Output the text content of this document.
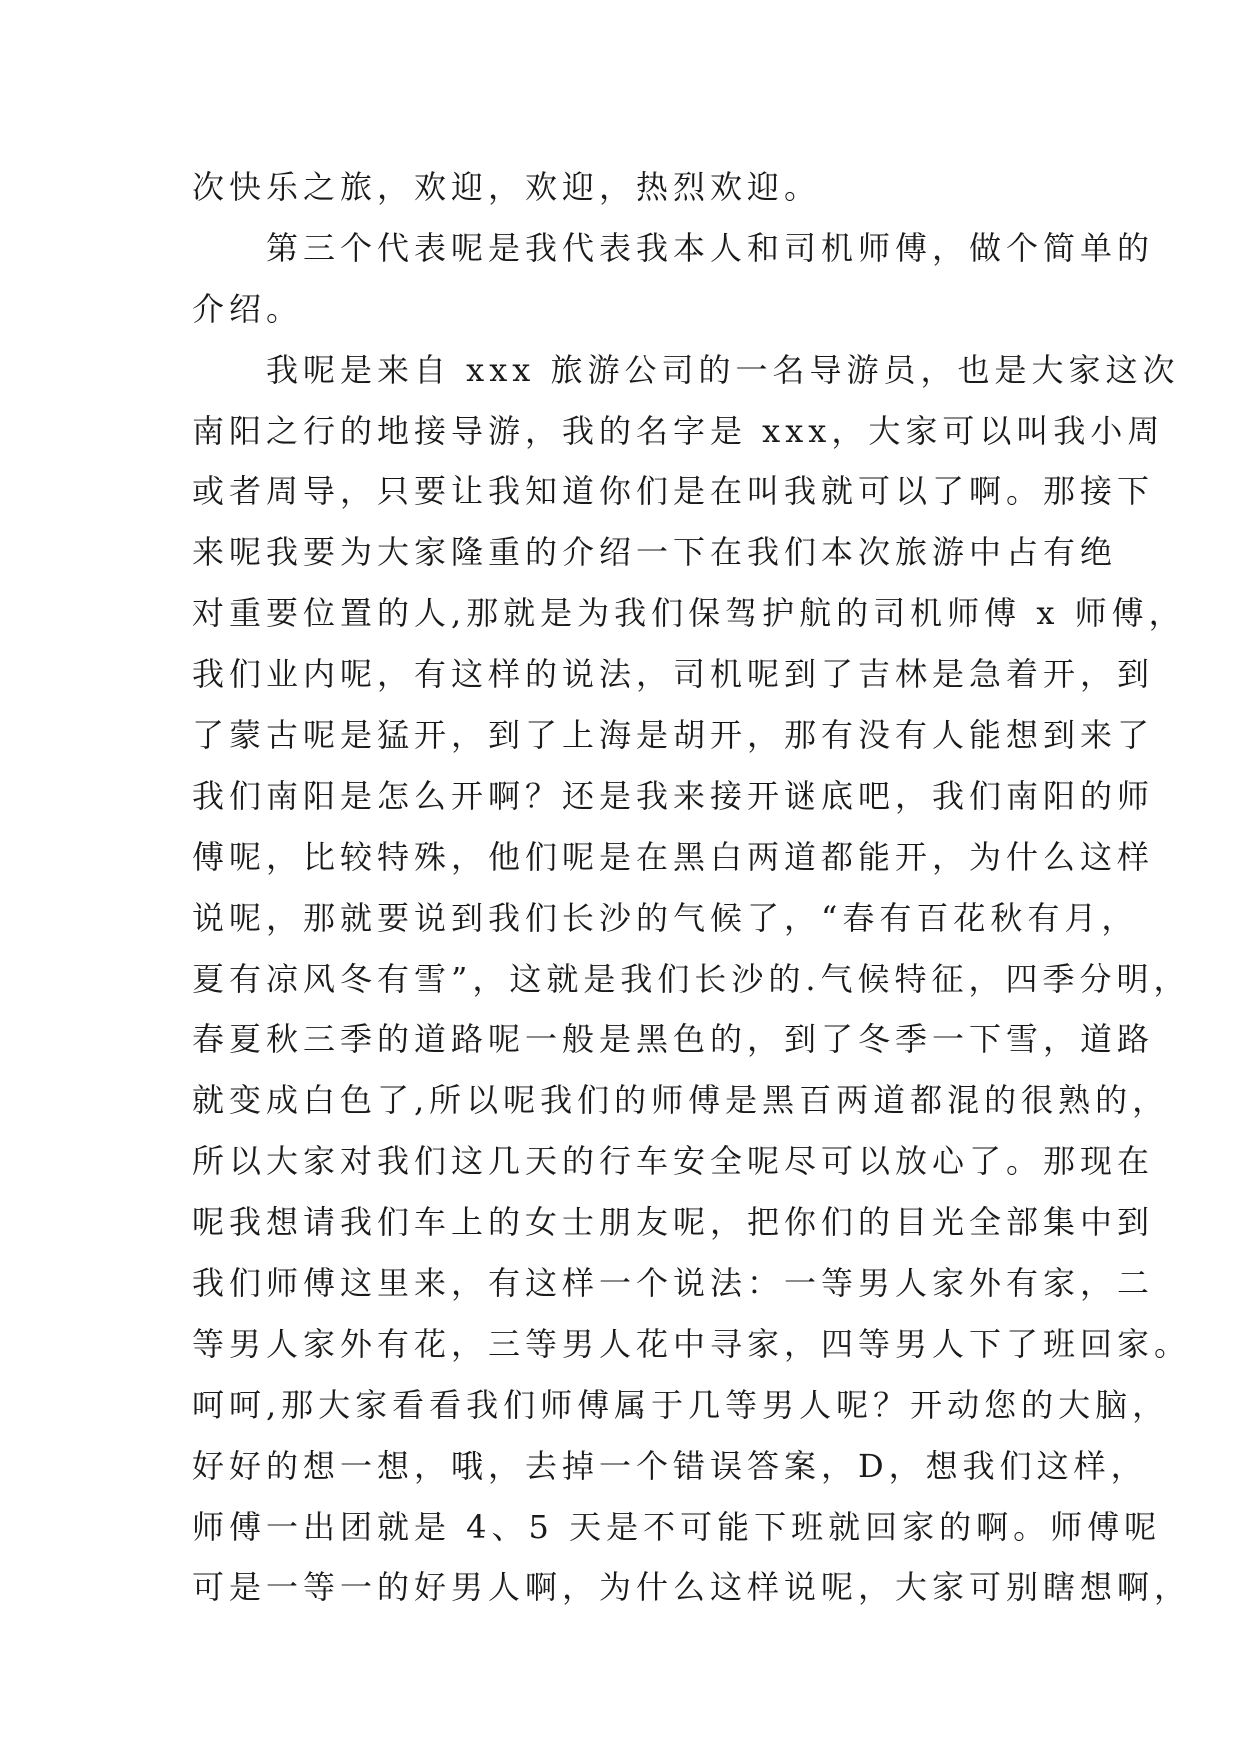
次快乐之旅，欢迎，欢迎，热烈欢迎。
第三个代表呢是我代表我本人和司机师傅，做个简单的
介绍。
我呢是来自 xxx 旅游公司的一名导游员，也是大家这次
南阳之行的地接导游，我的名字是 xxx，大家可以叫我小周
或者周导，只要让我知道你们是在叫我就可以了啊。那接下
来呢我要为大家隆重的介绍一下在我们本次旅游中占有绝
对重要位置的人,那就是为我们保驾护航的司机师傅 x 师傅，
我们业内呢，有这样的说法，司机呢到了吉林是急着开，到
了蒙古呢是猛开，到了上海是胡开，那有没有人能想到来了
我们南阳是怎么开啊？还是我来接开谜底吧，我们南阳的师
傅呢，比较特殊，他们呢是在黑白两道都能开，为什么这样
说呢，那就要说到我们长沙的气候了，“春有百花秋有月，
夏有凉风冬有雪”，这就是我们长沙的.气候特征，四季分明，
春夏秋三季的道路呢一般是黑色的，到了冬季一下雪，道路
就变成白色了,所以呢我们的师傅是黑百两道都混的很熟的，
所以大家对我们这几天的行车安全呢尽可以放心了。那现在
呢我想请我们车上的女士朋友呢，把你们的目光全部集中到
我们师傅这里来，有这样一个说法：一等男人家外有家，二
等男人家外有花，三等男人花中寻家，四等男人下了班回家。
呵呵,那大家看看我们师傅属于几等男人呢？开动您的大脑，
好好的想一想，哦，去掉一个错误答案，D，想我们这样，
师傅一出团就是 4、5 天是不可能下班就回家的啊。师傅呢
可是一等一的好男人啊，为什么这样说呢，大家可别瞎想啊，
